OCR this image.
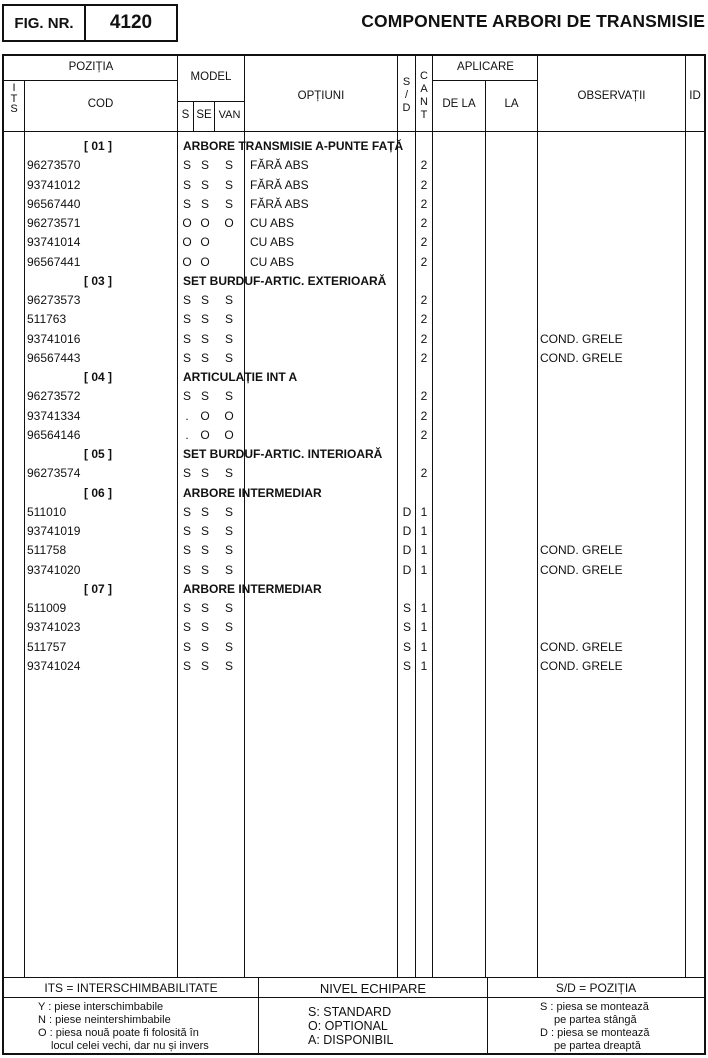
FIG. NR.	4120	COMPONENTE ARBORI DE TRANSMISIE
POZIȚIA
I
T
S	COD
MODEL
S SE VAN
OPȚIUNI
S
/
D
C
A
N
T
APLICARE
DE LA	LA
OBSERVAȚII	ID
[ 01 ]	ARBORE TRANSMISIE A-PUNTE FAȚĂ
96273570	S S S FĂRĂ ABS	2
93741012	S S S FĂRĂ ABS	2
96567440	S S S FĂRĂ ABS	2
96273571	O O O CU ABS	2
93741014	O O	CU ABS	2
96567441	O O	CU ABS	2
[ 03 ]	SET BURDUF-ARTIC. EXTERIOARĂ
96273573	S S S	2
511763	S S S	2
93741016	S S S	2	COND. GRELE
96567443	S S S	2	COND. GRELE
[ 04 ]	ARTICULAȚIE INT A
96273572	S S S	2
93741334	. O O	2
96564146	. O O	2
[ 05 ]	SET BURDUF-ARTIC. INTERIOARĂ
96273574	S S S	2
[ 06 ]	ARBORE INTERMEDIAR
511010	S S S	D 1
93741019	S S S	D 1
511758	S S S	D 1	COND. GRELE
93741020	S S S	D 1	COND. GRELE
[ 07 ]	ARBORE INTERMEDIAR
511009	S S S	S 1
93741023	S S S	S 1
511757	S S S	S 1	COND. GRELE
93741024	S S S	S 1	COND. GRELE
ITS = INTERSCHIMBABILITATE	NIVEL ECHIPARE	S/D = POZIȚIA
Y : piese interschimbabile
N : piese neintershimbabile
O : piesa nouă poate fi folosită în
locul celei vechi, dar nu și invers
S: STANDARD
O: OPTIONAL
A: DISPONIBIL
S : piesa se montează
pe partea stângă
D : piesa se montează
pe partea dreaptă
